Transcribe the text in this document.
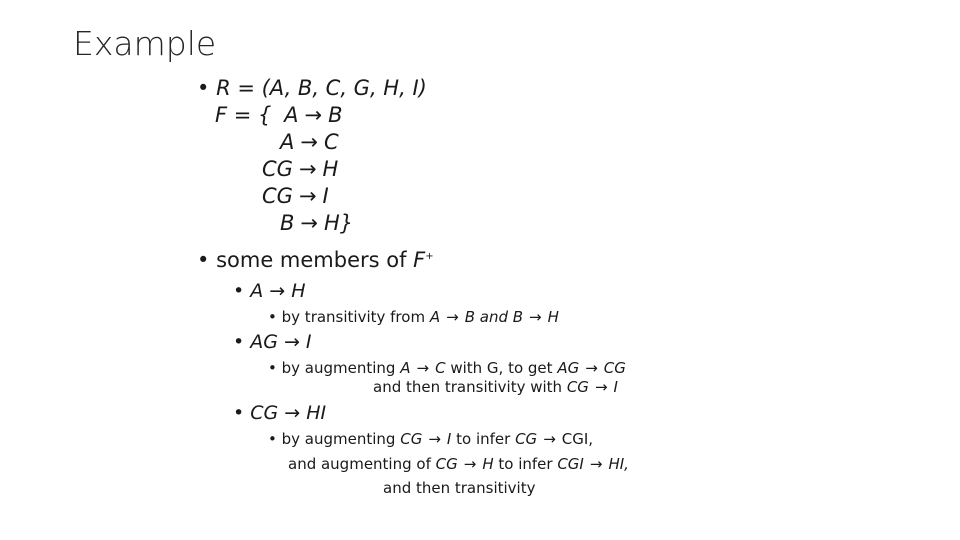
Example
• R = (A, B, C, G, H, I)
F = { A → B
A → C
CG → H
CG → I
B → H}
• some members of F+
• A → H
• by transitivity from A → B and B → H
• AG → I
• by augmenting A → C with G, to get AG → CG
and then transitivity with CG → I
• CG → HI
• by augmenting CG → I to infer CG → CGI,
and augmenting of CG → H to infer CGI → HI,
and then transitivity
